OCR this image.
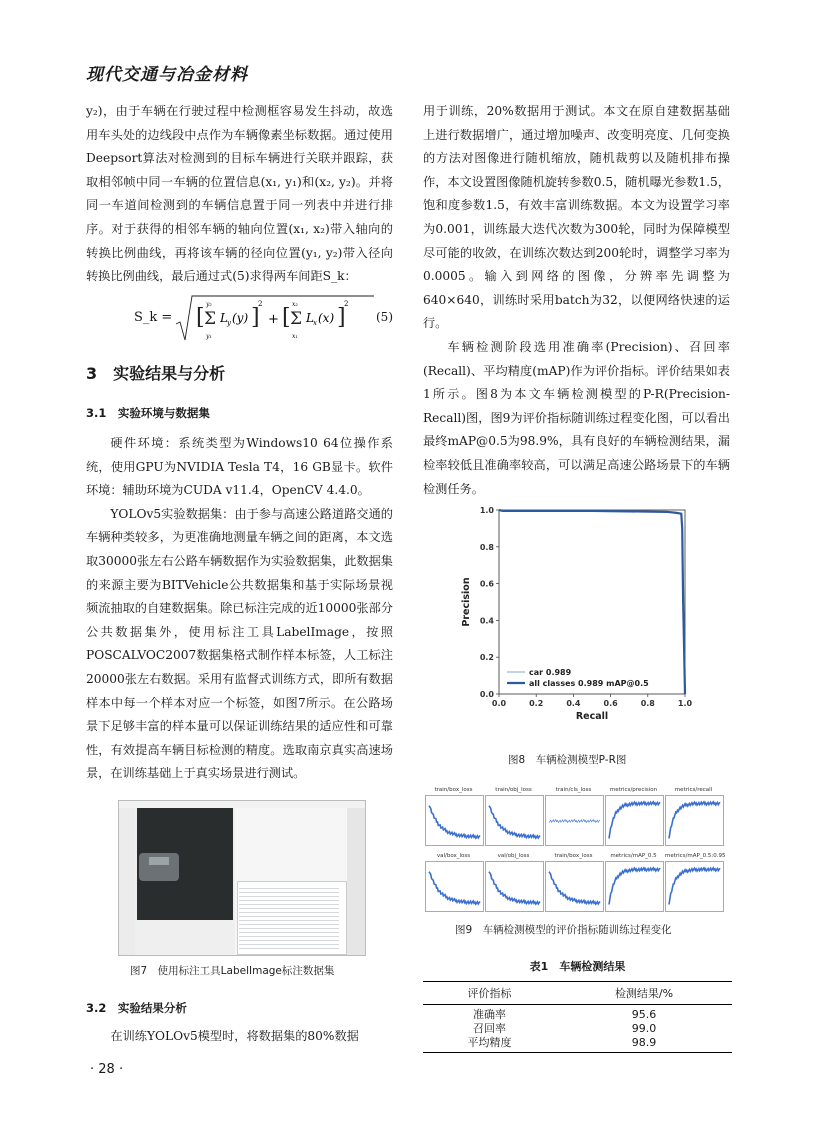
现代交通与冶金材料

y₂)，由于车辆在行驶过程中检测框容易发生抖动，故选用车头处的边线段中点作为车辆像素坐标数据。通过使用Deepsort算法对检测到的目标车辆进行关联并跟踪，获取相邻帧中同一车辆的位置信息(x₁, y₁)和(x₂, y₂)。并将同一车道间检测到的车辆信息置于同一列表中并进行排序。对于获得的相邻车辆的轴向位置(x₁, x₂)带入轴向的转换比例曲线，再将该车辆的径向位置(y₁, y₂)带入径向转换比例曲线，最后通过式(5)求得两车间距S_k：

S_k = [ Σ
y₂
y₁
L y (y) ]
2
+ [ Σ
x₂
x₁
L x (x) ]
2
(5)
3　实验结果与分析
3.1　实验环境与数据集

硬件环境：系统类型为Windows10 64位操作系统，使用GPU为NVIDIA Tesla T4，16 GB显卡。软件环境：辅助环境为CUDA v11.4，OpenCV 4.4.0。

YOLOv5实验数据集：由于参与高速公路道路交通的车辆种类较多，为更准确地测量车辆之间的距离，本文选取30000张左右公路车辆数据作为实验数据集，此数据集的来源主要为BITVehicle公共数据集和基于实际场景视频流抽取的自建数据集。除已标注完成的近10000张部分公共数据集外，使用标注工具LabelImage，按照POSCALVOC2007数据集格式制作样本标签，人工标注20000张左右数据。采用有监督式训练方式，即所有数据样本中每一个样本对应一个标签，如图7所示。在公路场景下足够丰富的样本量可以保证训练结果的适应性和可靠性，有效提高车辆目标检测的精度。选取南京真实高速场景，在训练基础上于真实场景进行测试。

图7　使用标注工具LabelImage标注数据集
3.2　实验结果分析

在训练YOLOv5模型时，将数据集的80%数据

用于训练，20%数据用于测试。本文在原自建数据基础上进行数据增广，通过增加噪声、改变明亮度、几何变换的方法对图像进行随机缩放，随机裁剪以及随机排布操作，本文设置图像随机旋转参数0.5，随机曝光参数1.5，饱和度参数1.5，有效丰富训练数据。本文为设置学习率为0.001，训练最大迭代次数为300轮，同时为保障模型尽可能的收敛，在训练次数达到200轮时，调整学习率为0.0005。输入到网络的图像，分辨率先调整为640×640，训练时采用batch为32，以便网络快速的运行。

车辆检测阶段选用准确率(Precision)、召回率(Recall)、平均精度(mAP)作为评价指标。评价结果如表1所示。图8为本文车辆检测模型的P-R(Precision-Recall)图，图9为评价指标随训练过程变化图，可以看出最终mAP@0.5为98.9%，具有良好的车辆检测结果，漏检率较低且准确率较高，可以满足高速公路场景下的车辆检测任务。

0.0	0.2	0.4	0.6	0.8	1.0
0.0
0.2
0.4
0.6
0.8
1.0
Recall
Precision
car 0.989
all classes 0.989 mAP@0.5
图8　车辆检测模型P-R图
train/box_loss	train/obj_loss	train/cls_loss	metrics/precision	metrics/recall
val/box_loss	val/obj_loss	train/box_loss	metrics/mAP_0.5	metrics/mAP_0.5:0.95
图9　车辆检测模型的评价指标随训练过程变化
表1　车辆检测结果
评价指标	检测结果/%
准确率	95.6
召回率	99.0
平均精度	98.9
· 28 ·
